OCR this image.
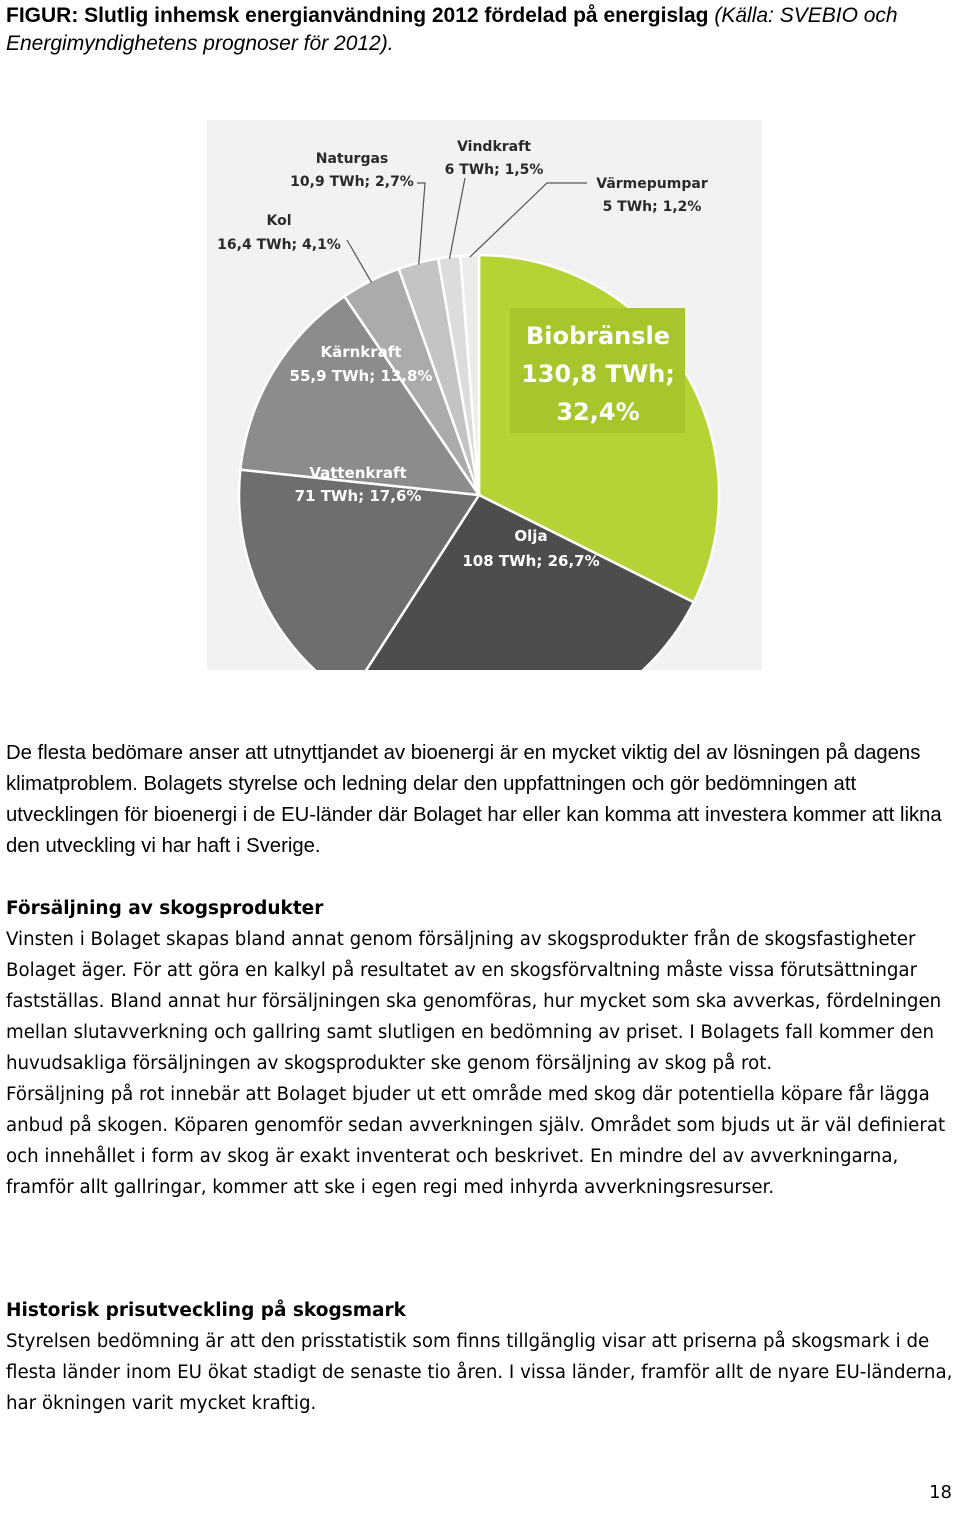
FIGUR: Slutlig inhemsk energianvändning 2012 fördelad på energislag (Källa: SVEBIO och Energimyndighetens prognoser för 2012).

Biobränsle 130,8 TWh; 32,4%
Olja 108 TWh; 26,7%
Vattenkraft 71 TWh; 17,6%
Kärnkraft 55,9 TWh; 13,8%
Kol 16,4 TWh; 4,1%
Naturgas 10,9 TWh; 2,7%
Vindkraft 6 TWh; 1,5%
Värmepumpar 5 TWh; 1,2%

De flesta bedömare anser att utnyttjandet av bioenergi är en mycket viktig del av lösningen på dagens klimatproblem. Bolagets styrelse och ledning delar den uppfattningen och gör bedömningen att utvecklingen för bioenergi i de EU-länder där Bolaget har eller kan komma att investera kommer att likna den utveckling vi har haft i Sverige.

Försäljning av skogsprodukter

Vinsten i Bolaget skapas bland annat genom försäljning av skogsprodukter från de skogsfastigheter Bolaget äger. För att göra en kalkyl på resultatet av en skogsförvaltning måste vissa förutsättningar fastställas. Bland annat hur försäljningen ska genomföras, hur mycket som ska avverkas, fördelningen mellan slutavverkning och gallring samt slutligen en bedömning av priset. I Bolagets fall kommer den huvudsakliga försäljningen av skogsprodukter ske genom försäljning av skog på rot.

Försäljning på rot innebär att Bolaget bjuder ut ett område med skog där potentiella köpare får lägga anbud på skogen. Köparen genomför sedan avverkningen själv. Området som bjuds ut är väl definierat och innehållet i form av skog är exakt inventerat och beskrivet. En mindre del av avverkningarna, framför allt gallringar, kommer att ske i egen regi med inhyrda avverkningsresurser.

Historisk prisutveckling på skogsmark

Styrelsen bedömning är att den prisstatistik som finns tillgänglig visar att priserna på skogsmark i de flesta länder inom EU ökat stadigt de senaste tio åren. I vissa länder, framför allt de nyare EU-länderna, har ökningen varit mycket kraftig.

18
